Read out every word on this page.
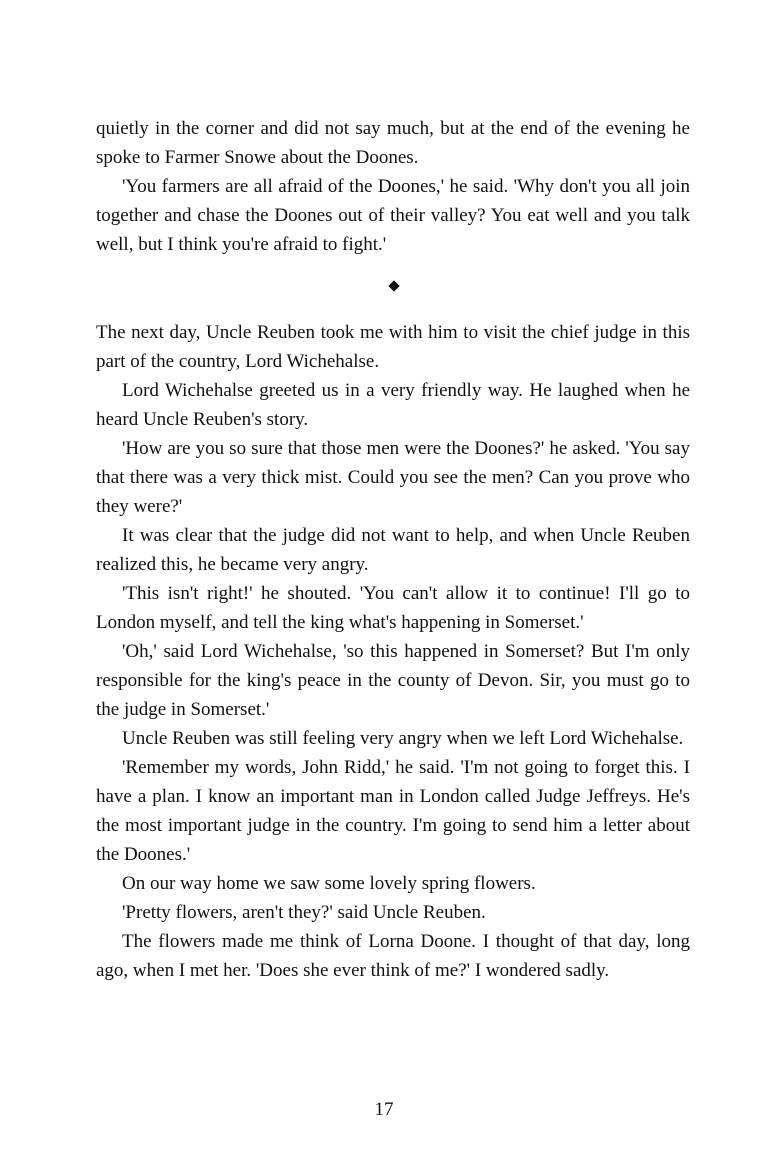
quietly in the corner and did not say much, but at the end of the evening he spoke to Farmer Snowe about the Doones.

'You farmers are all afraid of the Doones,' he said. 'Why don't you all join together and chase the Doones out of their valley? You eat well and you talk well, but I think you're afraid to fight.'

The next day, Uncle Reuben took me with him to visit the chief judge in this part of the country, Lord Wichehalse.

Lord Wichehalse greeted us in a very friendly way. He laughed when he heard Uncle Reuben's story.

'How are you so sure that those men were the Doones?' he asked. 'You say that there was a very thick mist. Could you see the men? Can you prove who they were?'

It was clear that the judge did not want to help, and when Uncle Reuben realized this, he became very angry.

'This isn't right!' he shouted. 'You can't allow it to continue! I'll go to London myself, and tell the king what's happening in Somerset.'

'Oh,' said Lord Wichehalse, 'so this happened in Somerset? But I'm only responsible for the king's peace in the county of Devon. Sir, you must go to the judge in Somerset.'

Uncle Reuben was still feeling very angry when we left Lord Wichehalse.

'Remember my words, John Ridd,' he said. 'I'm not going to forget this. I have a plan. I know an important man in London called Judge Jeffreys. He's the most important judge in the country. I'm going to send him a letter about the Doones.'

On our way home we saw some lovely spring flowers.

'Pretty flowers, aren't they?' said Uncle Reuben.

The flowers made me think of Lorna Doone. I thought of that day, long ago, when I met her. 'Does she ever think of me?' I wondered sadly.

17
